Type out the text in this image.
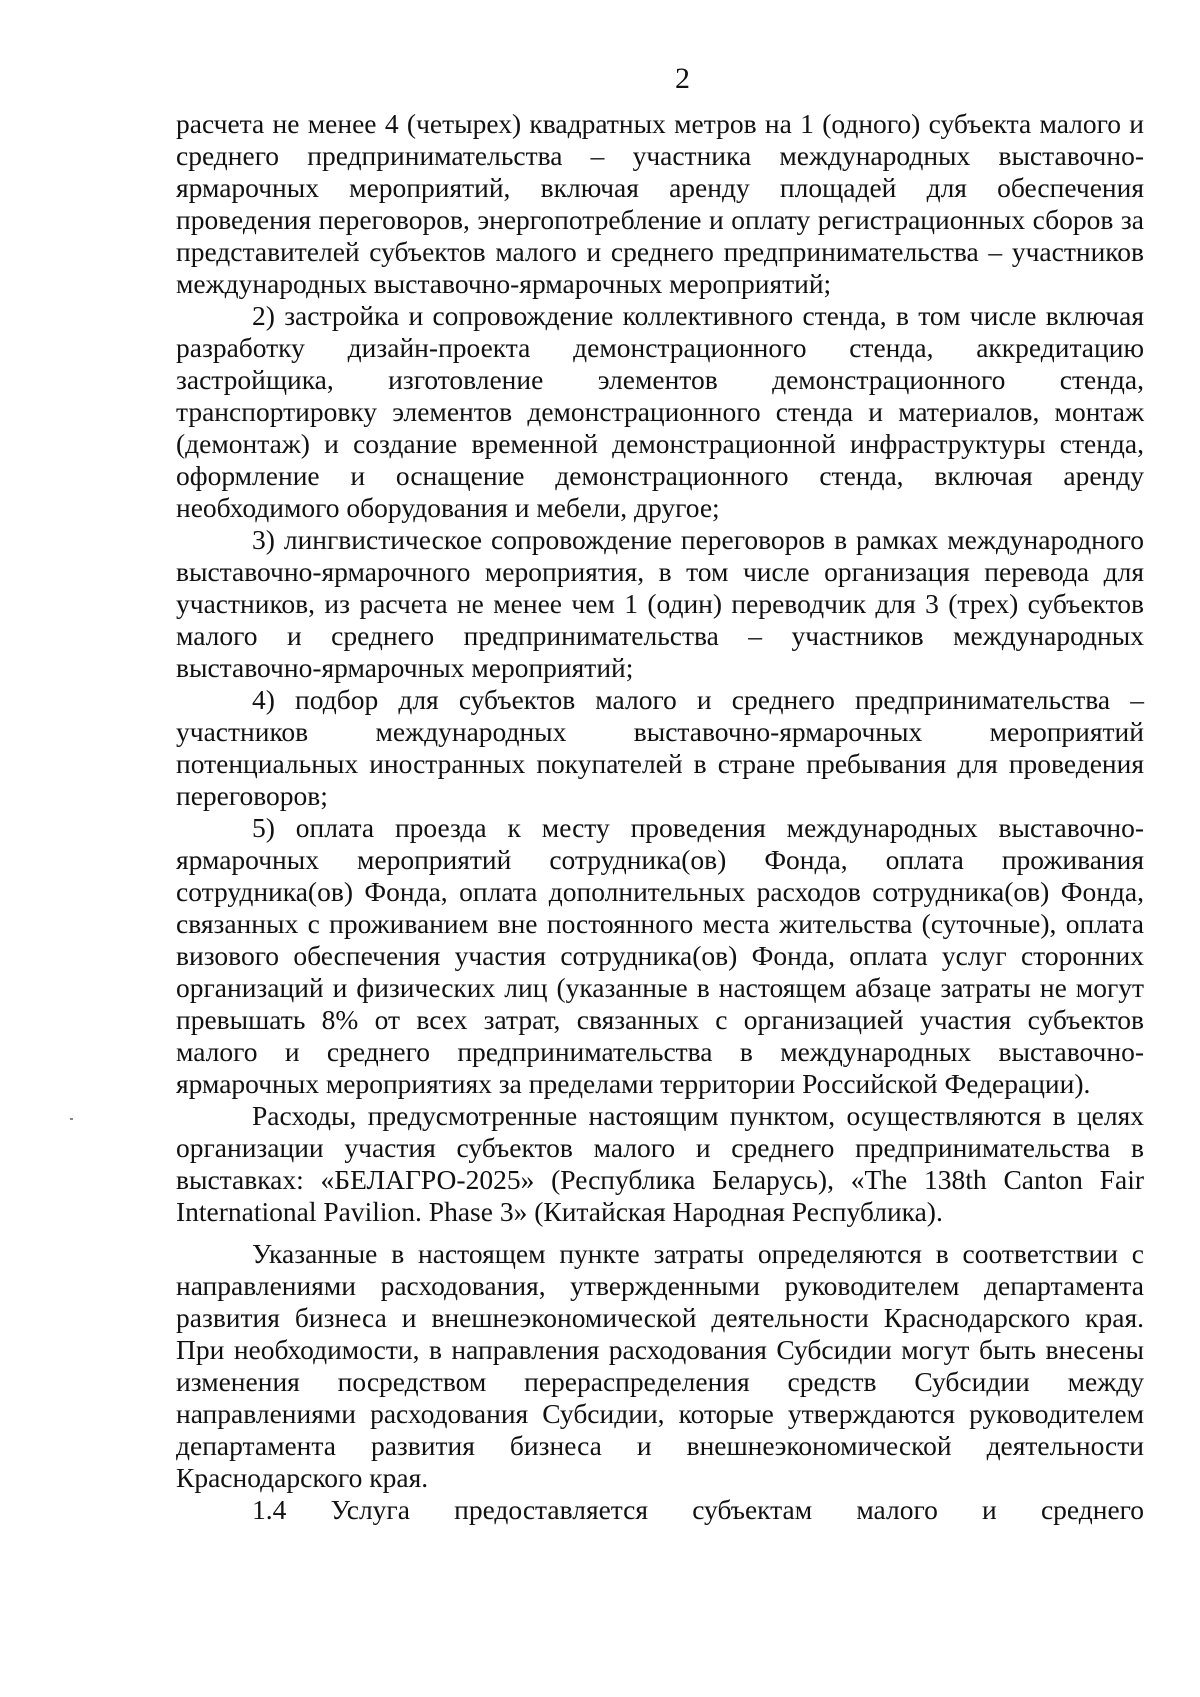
2

расчета не менее 4 (четырех) квадратных метров на 1 (одного) субъекта малого и среднего предпринимательства – участника международных выставочно-ярмарочных мероприятий, включая аренду площадей для обеспечения проведения переговоров, энергопотребление и оплату регистрационных сборов за представителей субъектов малого и среднего предпринимательства – участников международных выставочно-ярмарочных мероприятий;

2) застройка и сопровождение коллективного стенда, в том числе включая разработку дизайн-проекта демонстрационного стенда, аккредитацию застройщика, изготовление элементов демонстрационного стенда, транспортировку элементов демонстрационного стенда и материалов, монтаж (демонтаж) и создание временной демонстрационной инфраструктуры стенда, оформление и оснащение демонстрационного стенда, включая аренду необходимого оборудования и мебели, другое;

3) лингвистическое сопровождение переговоров в рамках международного выставочно-ярмарочного мероприятия, в том числе организация перевода для участников, из расчета не менее чем 1 (один) переводчик для 3 (трех) субъектов малого и среднего предпринимательства – участников международных выставочно-ярмарочных мероприятий;

4) подбор для субъектов малого и среднего предпринимательства – участников международных выставочно-ярмарочных мероприятий потенциальных иностранных покупателей в стране пребывания для проведения переговоров;

5) оплата проезда к месту проведения международных выставочно-ярмарочных мероприятий сотрудника(ов) Фонда, оплата проживания сотрудника(ов) Фонда, оплата дополнительных расходов сотрудника(ов) Фонда, связанных с проживанием вне постоянного места жительства (суточные), оплата визового обеспечения участия сотрудника(ов) Фонда, оплата услуг сторонних организаций и физических лиц (указанные в настоящем абзаце затраты не могут превышать 8% от всех затрат, связанных с организацией участия субъектов малого и среднего предпринимательства в международных выставочно-ярмарочных мероприятиях за пределами территории Российской Федерации).

Расходы, предусмотренные настоящим пунктом, осуществляются в целях организации участия субъектов малого и среднего предпринимательства в выставках: «БЕЛАГРО-2025» (Республика Беларусь), «The 138th Canton Fair International Pavilion. Phase 3» (Китайская Народная Республика).

Указанные в настоящем пункте затраты определяются в соответствии с направлениями расходования, утвержденными руководителем департамента развития бизнеса и внешнеэкономической деятельности Краснодарского края. При необходимости, в направления расходования Субсидии могут быть внесены изменения посредством перераспределения средств Субсидии между направлениями расходования Субсидии, которые утверждаются руководителем департамента развития бизнеса и внешнеэкономической деятельности Краснодарского края.

1.4 Услуга предоставляется субъектам малого и среднего
